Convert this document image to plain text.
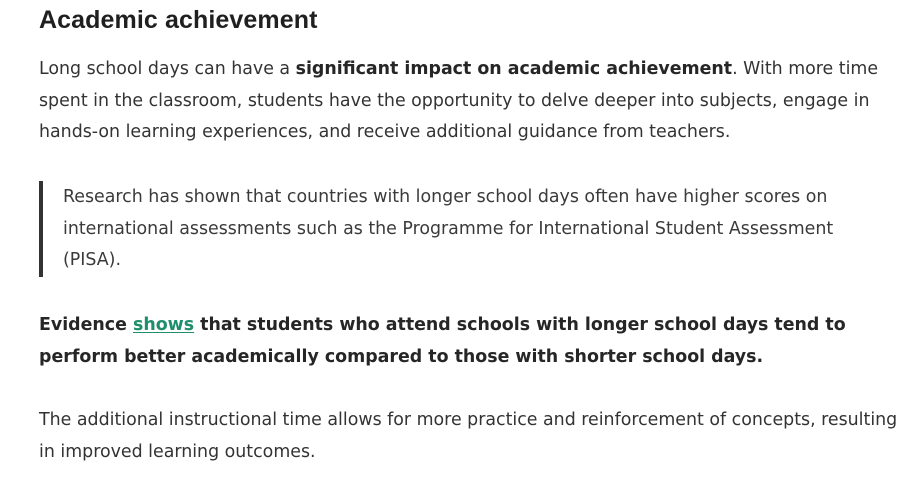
Academic achievement

Long school days can have a significant impact on academic achievement. With more time spent in the classroom, students have the opportunity to delve deeper into subjects, engage in hands-on learning experiences, and receive additional guidance from teachers.

Research has shown that countries with longer school days often have higher scores on international assessments such as the Programme for International Student Assessment (PISA).

Evidence shows that students who attend schools with longer school days tend to perform better academically compared to those with shorter school days.

The additional instructional time allows for more practice and reinforcement of concepts, resulting in improved learning outcomes.
